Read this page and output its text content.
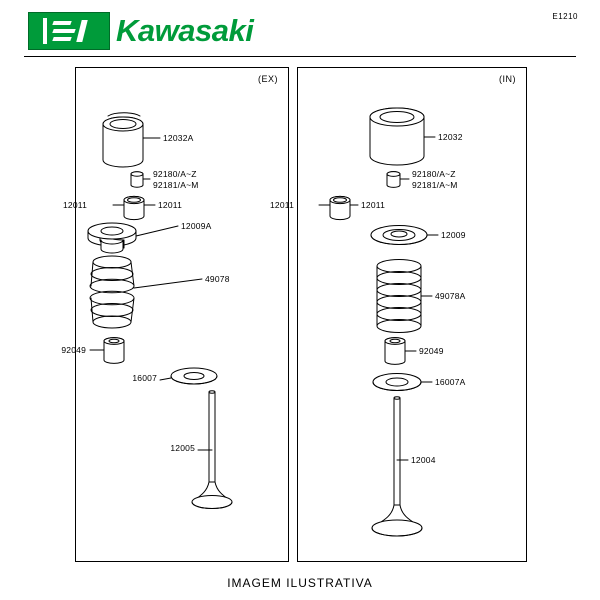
Kawasaki	E1210
(EX)	(IN)
12032A
92180/A~Z
92181/A~M
12011	12011
12009A
49078
92049
16007
12005
12032
92180/A~Z
92181/A~M
12011	12011
12009
49078A
92049
16007A
12004
IMAGEM ILUSTRATIVA
